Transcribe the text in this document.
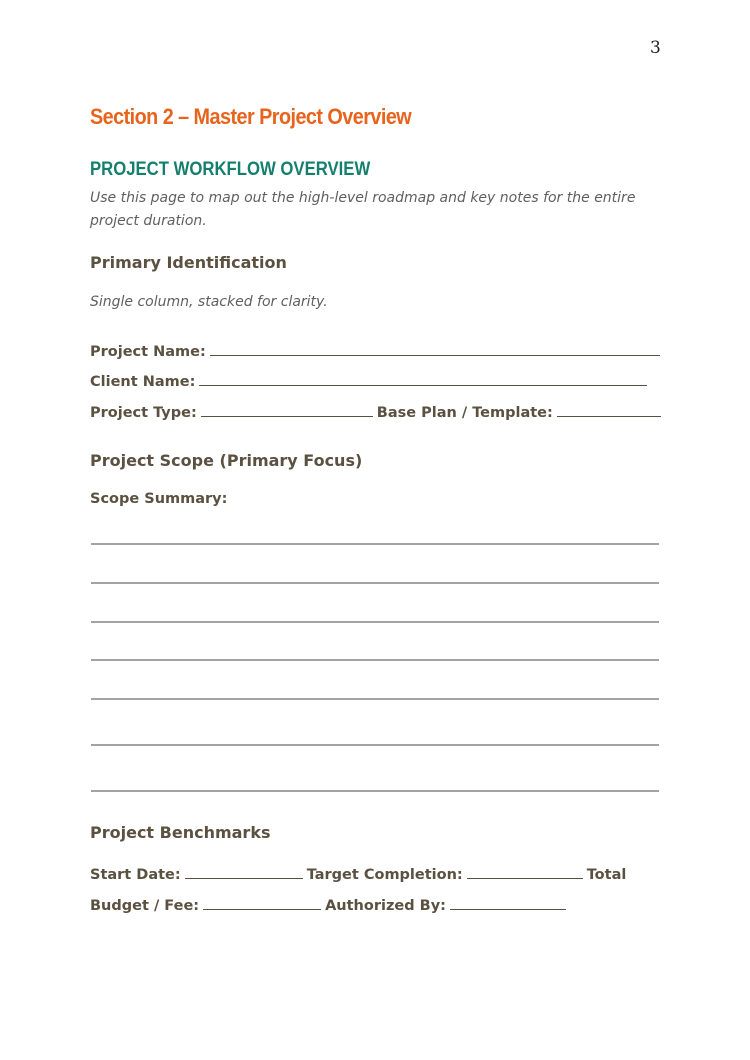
3
Section 2 – Master Project Overview
PROJECT WORKFLOW OVERVIEW
Use this page to map out the high-level roadmap and key notes for the entire project duration.
Primary Identification
Single column, stacked for clarity.
Project Name:
Client Name:
Project Type:	Base Plan / Template:
Project Scope (Primary Focus)
Scope Summary:
Project Benchmarks
Start Date:	Target Completion:	Total
Budget / Fee:	Authorized By:
